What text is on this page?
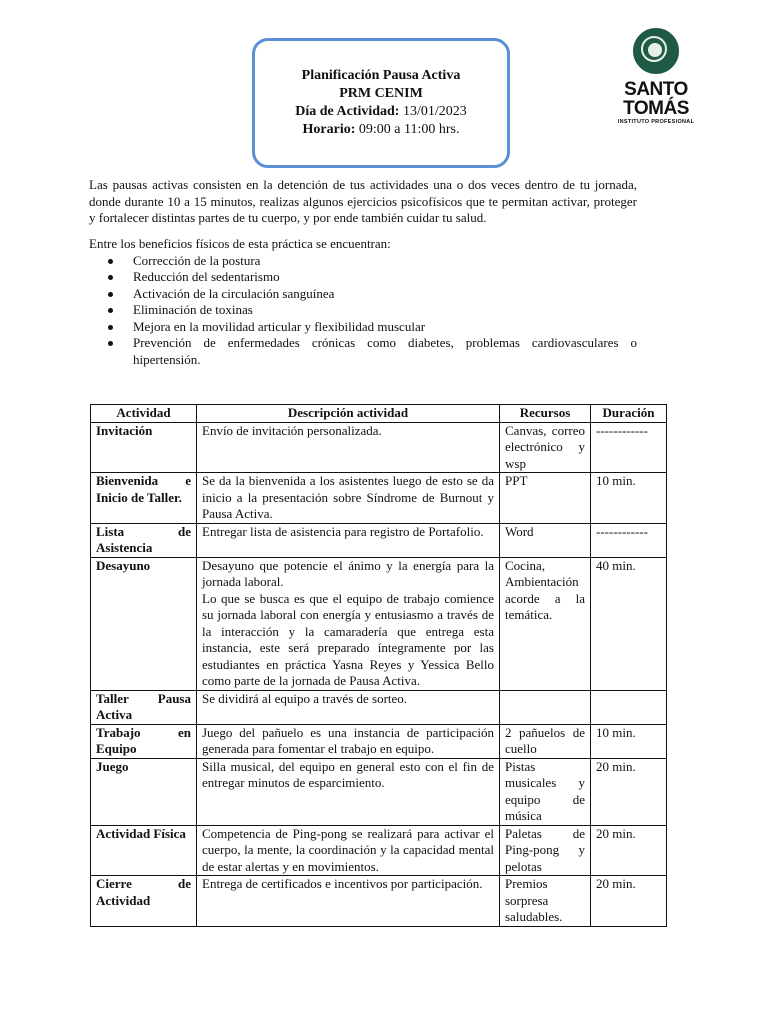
Planificación Pausa Activa
PRM CENIM
Día de Actividad: 13/01/2023
Horario: 09:00 a 11:00 hrs.
SANTO
TOMÁS
INSTITUTO PROFESIONAL
Las pausas activas consisten en la detención de tus actividades una o dos veces dentro de tu jornada, donde durante 10 a 15 minutos, realizas algunos ejercicios psicofísicos que te permitan activar, proteger y fortalecer distintas partes de tu cuerpo, y por ende también cuidar tu salud.
Entre los beneficios físicos de esta práctica se encuentran:
Corrección de la postura
Reducción del sedentarismo
Activación de la circulación sanguínea
Eliminación de toxinas
Mejora en la movilidad articular y flexibilidad muscular
Prevención de enfermedades crónicas como diabetes, problemas cardiovasculares o hipertensión.
Actividad	Descripción actividad	Recursos	Duración
Invitación	Envío de invitación personalizada.	Canvas, correo electrónico y wsp	------------
Bienvenida e Inicio de Taller.	Se da la bienvenida a los asistentes luego de esto se da inicio a la presentación sobre Síndrome de Burnout y Pausa Activa.	PPT	10 min.
Lista de Asistencia	Entregar lista de asistencia para registro de Portafolio.	Word	------------
Desayuno	Desayuno que potencie el ánimo y la energía para la jornada laboral.
Lo que se busca es que el equipo de trabajo comience su jornada laboral con energía y entusiasmo a través de la interacción y la camaradería que entrega esta instancia, este será preparado íntegramente por las estudiantes en práctica Yasna Reyes y Yessica Bello como parte de la jornada de Pausa Activa.	Cocina, Ambientación acorde a la temática.	40 min.
Taller Pausa Activa	Se dividirá al equipo a través de sorteo.		
Trabajo en Equipo	Juego del pañuelo es una instancia de participación generada para fomentar el trabajo en equipo.	2 pañuelos de cuello	10 min.
Juego	Silla musical, del equipo en general esto con el fin de entregar minutos de esparcimiento.	Pistas musicales y equipo de música	20 min.
Actividad Física	Competencia de Ping-pong se realizará para activar el cuerpo, la mente, la coordinación y la capacidad mental de estar alertas y en movimientos.	Paletas de Ping-pong y pelotas	20 min.
Cierre de Actividad	Entrega de certificados e incentivos por participación.	Premios sorpresa saludables.	20 min.
